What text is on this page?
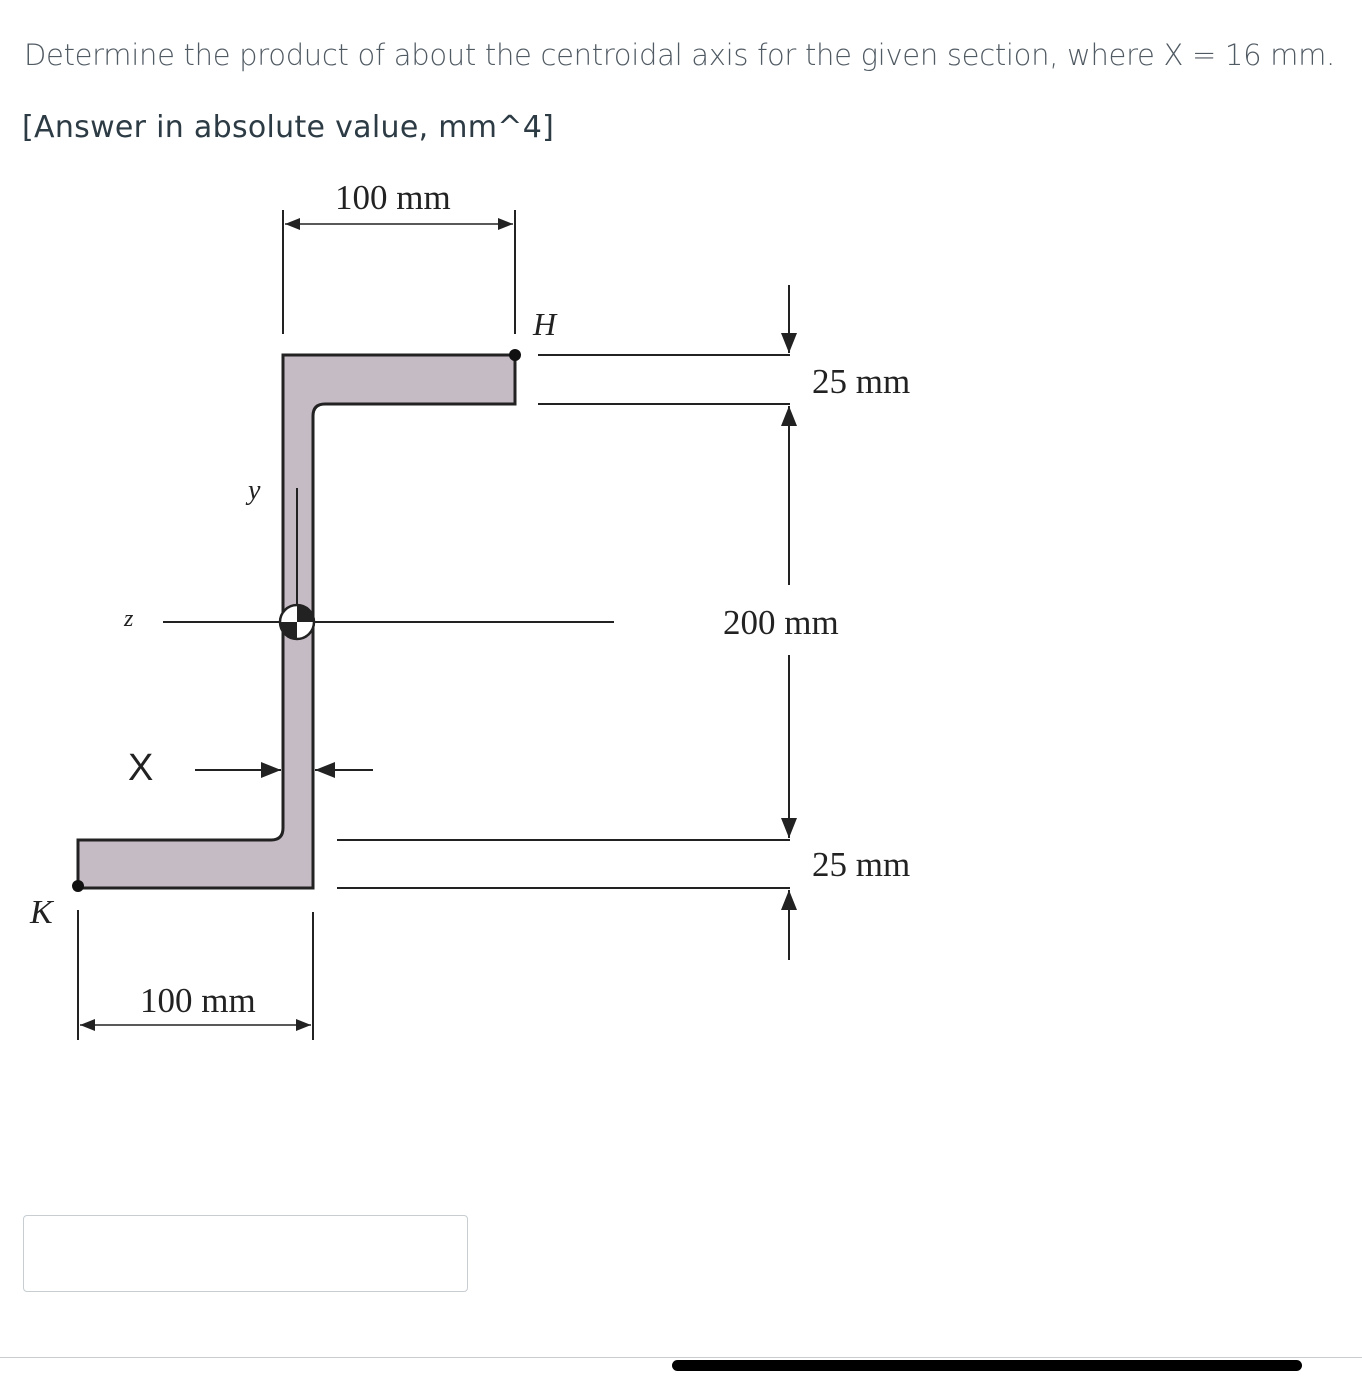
Determine the product of about the centroidal axis for the given section, where X = 16 mm.
[Answer in absolute value, mm^4]
100 mm
H
25 mm
y
z	200 mm
X
25 mm
K
100 mm
